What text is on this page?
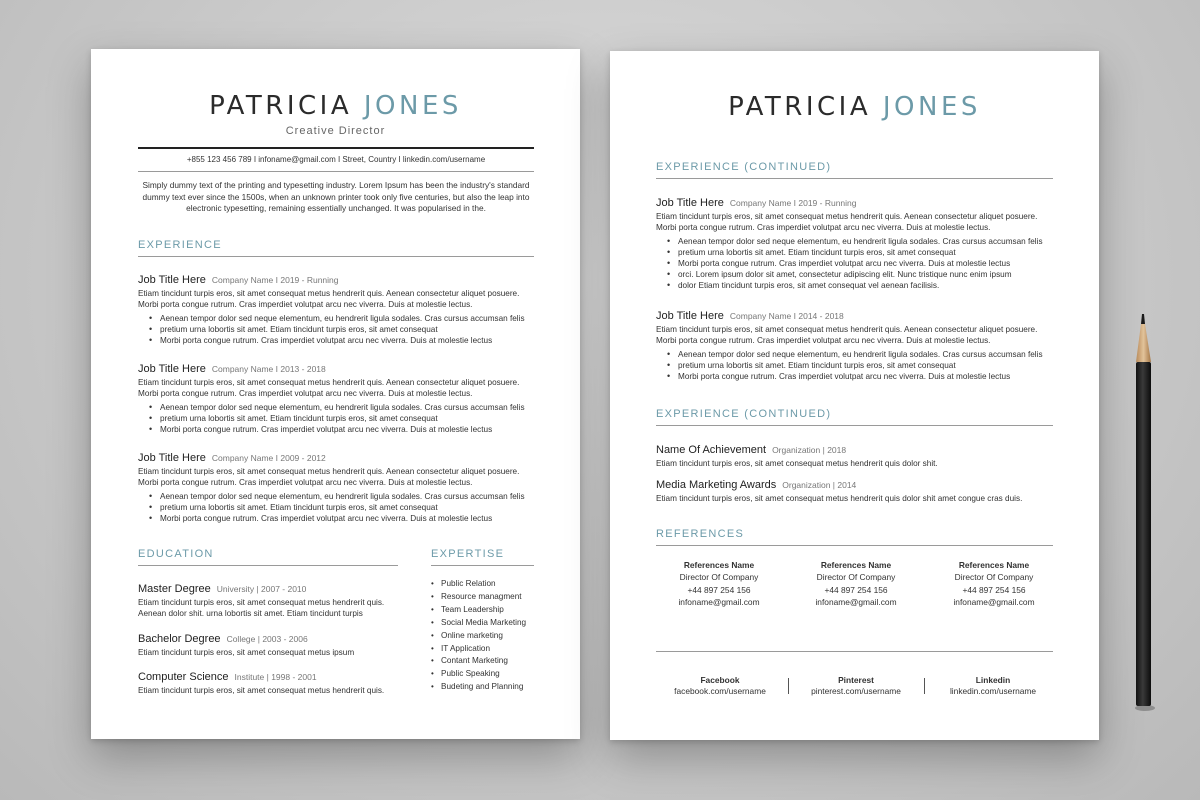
PATRICIA JONES
Creative Director
+855 123 456 789 I infoname@gmail.com I Street, Country I linkedin.com/username
Simply dummy text of the printing and typesetting industry. Lorem Ipsum has been the industry's standard dummy text ever since the 1500s, when an unknown printer took only five centuries, but also the leap into electronic typesetting, remaining essentially unchanged. It was popularised in the.
EXPERIENCE
Job Title Here Company Name I 2019 - Running
Etiam tincidunt turpis eros, sit amet consequat metus hendrerit quis. Aenean consectetur aliquet posuere. Morbi porta congue rutrum. Cras imperdiet volutpat arcu nec viverra. Duis at molestie lectus.
• Aenean tempor dolor sed neque elementum, eu hendrerit ligula sodales. Cras cursus accumsan felis
• pretium urna lobortis sit amet. Etiam tincidunt turpis eros, sit amet consequat
• Morbi porta congue rutrum. Cras imperdiet volutpat arcu nec viverra. Duis at molestie lectus
Job Title Here Company Name I 2013 - 2018
Etiam tincidunt turpis eros, sit amet consequat metus hendrerit quis. Aenean consectetur aliquet posuere. Morbi porta congue rutrum. Cras imperdiet volutpat arcu nec viverra. Duis at molestie lectus.
• Aenean tempor dolor sed neque elementum, eu hendrerit ligula sodales. Cras cursus accumsan felis
• pretium urna lobortis sit amet. Etiam tincidunt turpis eros, sit amet consequat
• Morbi porta congue rutrum. Cras imperdiet volutpat arcu nec viverra. Duis at molestie lectus
Job Title Here Company Name I 2009 - 2012
Etiam tincidunt turpis eros, sit amet consequat metus hendrerit quis. Aenean consectetur aliquet posuere. Morbi porta congue rutrum. Cras imperdiet volutpat arcu nec viverra. Duis at molestie lectus.
• Aenean tempor dolor sed neque elementum, eu hendrerit ligula sodales. Cras cursus accumsan felis
• pretium urna lobortis sit amet. Etiam tincidunt turpis eros, sit amet consequat
• Morbi porta congue rutrum. Cras imperdiet volutpat arcu nec viverra. Duis at molestie lectus
EDUCATION
Master Degree University | 2007 - 2010
Etiam tincidunt turpis eros, sit amet consequat metus hendrerit quis. Aenean dolor shit. urna lobortis sit amet. Etiam tincidunt turpis
Bachelor Degree College | 2003 - 2006
Etiam tincidunt turpis eros, sit amet consequat metus ipsum
Computer Science Institute | 1998 - 2001
Etiam tincidunt turpis eros, sit amet consequat metus hendrerit quis.
EXPERTISE
• Public Relation
• Resource managment
• Team Leadership
• Social Media Marketing
• Online marketing
• IT Application
• Contant Marketing
• Public Speaking
• Budeting and Planning
PATRICIA JONES
EXPERIENCE (CONTINUED)
Job Title Here Company Name I 2019 - Running
Etiam tincidunt turpis eros, sit amet consequat metus hendrerit quis. Aenean consectetur aliquet posuere. Morbi porta congue rutrum. Cras imperdiet volutpat arcu nec viverra. Duis at molestie lectus.
• Aenean tempor dolor sed neque elementum, eu hendrerit ligula sodales. Cras cursus accumsan felis
• pretium urna lobortis sit amet. Etiam tincidunt turpis eros, sit amet consequat
• Morbi porta congue rutrum. Cras imperdiet volutpat arcu nec viverra. Duis at molestie lectus
• orci. Lorem ipsum dolor sit amet, consectetur adipiscing elit. Nunc tristique nunc enim ipsum
• dolor Etiam tincidunt turpis eros, sit amet consequat vel aenean facilisis.
Job Title Here Company Name I 2014 - 2018
Etiam tincidunt turpis eros, sit amet consequat metus hendrerit quis. Aenean consectetur aliquet posuere. Morbi porta congue rutrum. Cras imperdiet volutpat arcu nec viverra. Duis at molestie lectus.
• Aenean tempor dolor sed neque elementum, eu hendrerit ligula sodales. Cras cursus accumsan felis
• pretium urna lobortis sit amet. Etiam tincidunt turpis eros, sit amet consequat
• Morbi porta congue rutrum. Cras imperdiet volutpat arcu nec viverra. Duis at molestie lectus
EXPERIENCE (CONTINUED)
Name Of Achievement Organization | 2018
Etiam tincidunt turpis eros, sit amet consequat metus hendrerit quis dolor shit.
Media Marketing Awards Organization | 2014
Etiam tincidunt turpis eros, sit amet consequat metus hendrerit quis dolor shit amet congue cras duis.
REFERENCES
References Name
Director Of Company
+44 897 254 156
infoname@gmail.com
References Name
Director Of Company
+44 897 254 156
infoname@gmail.com
References Name
Director Of Company
+44 897 254 156
infoname@gmail.com
Facebook
facebook.com/username
Pinterest
pinterest.com/username
Linkedin
linkedin.com/username
